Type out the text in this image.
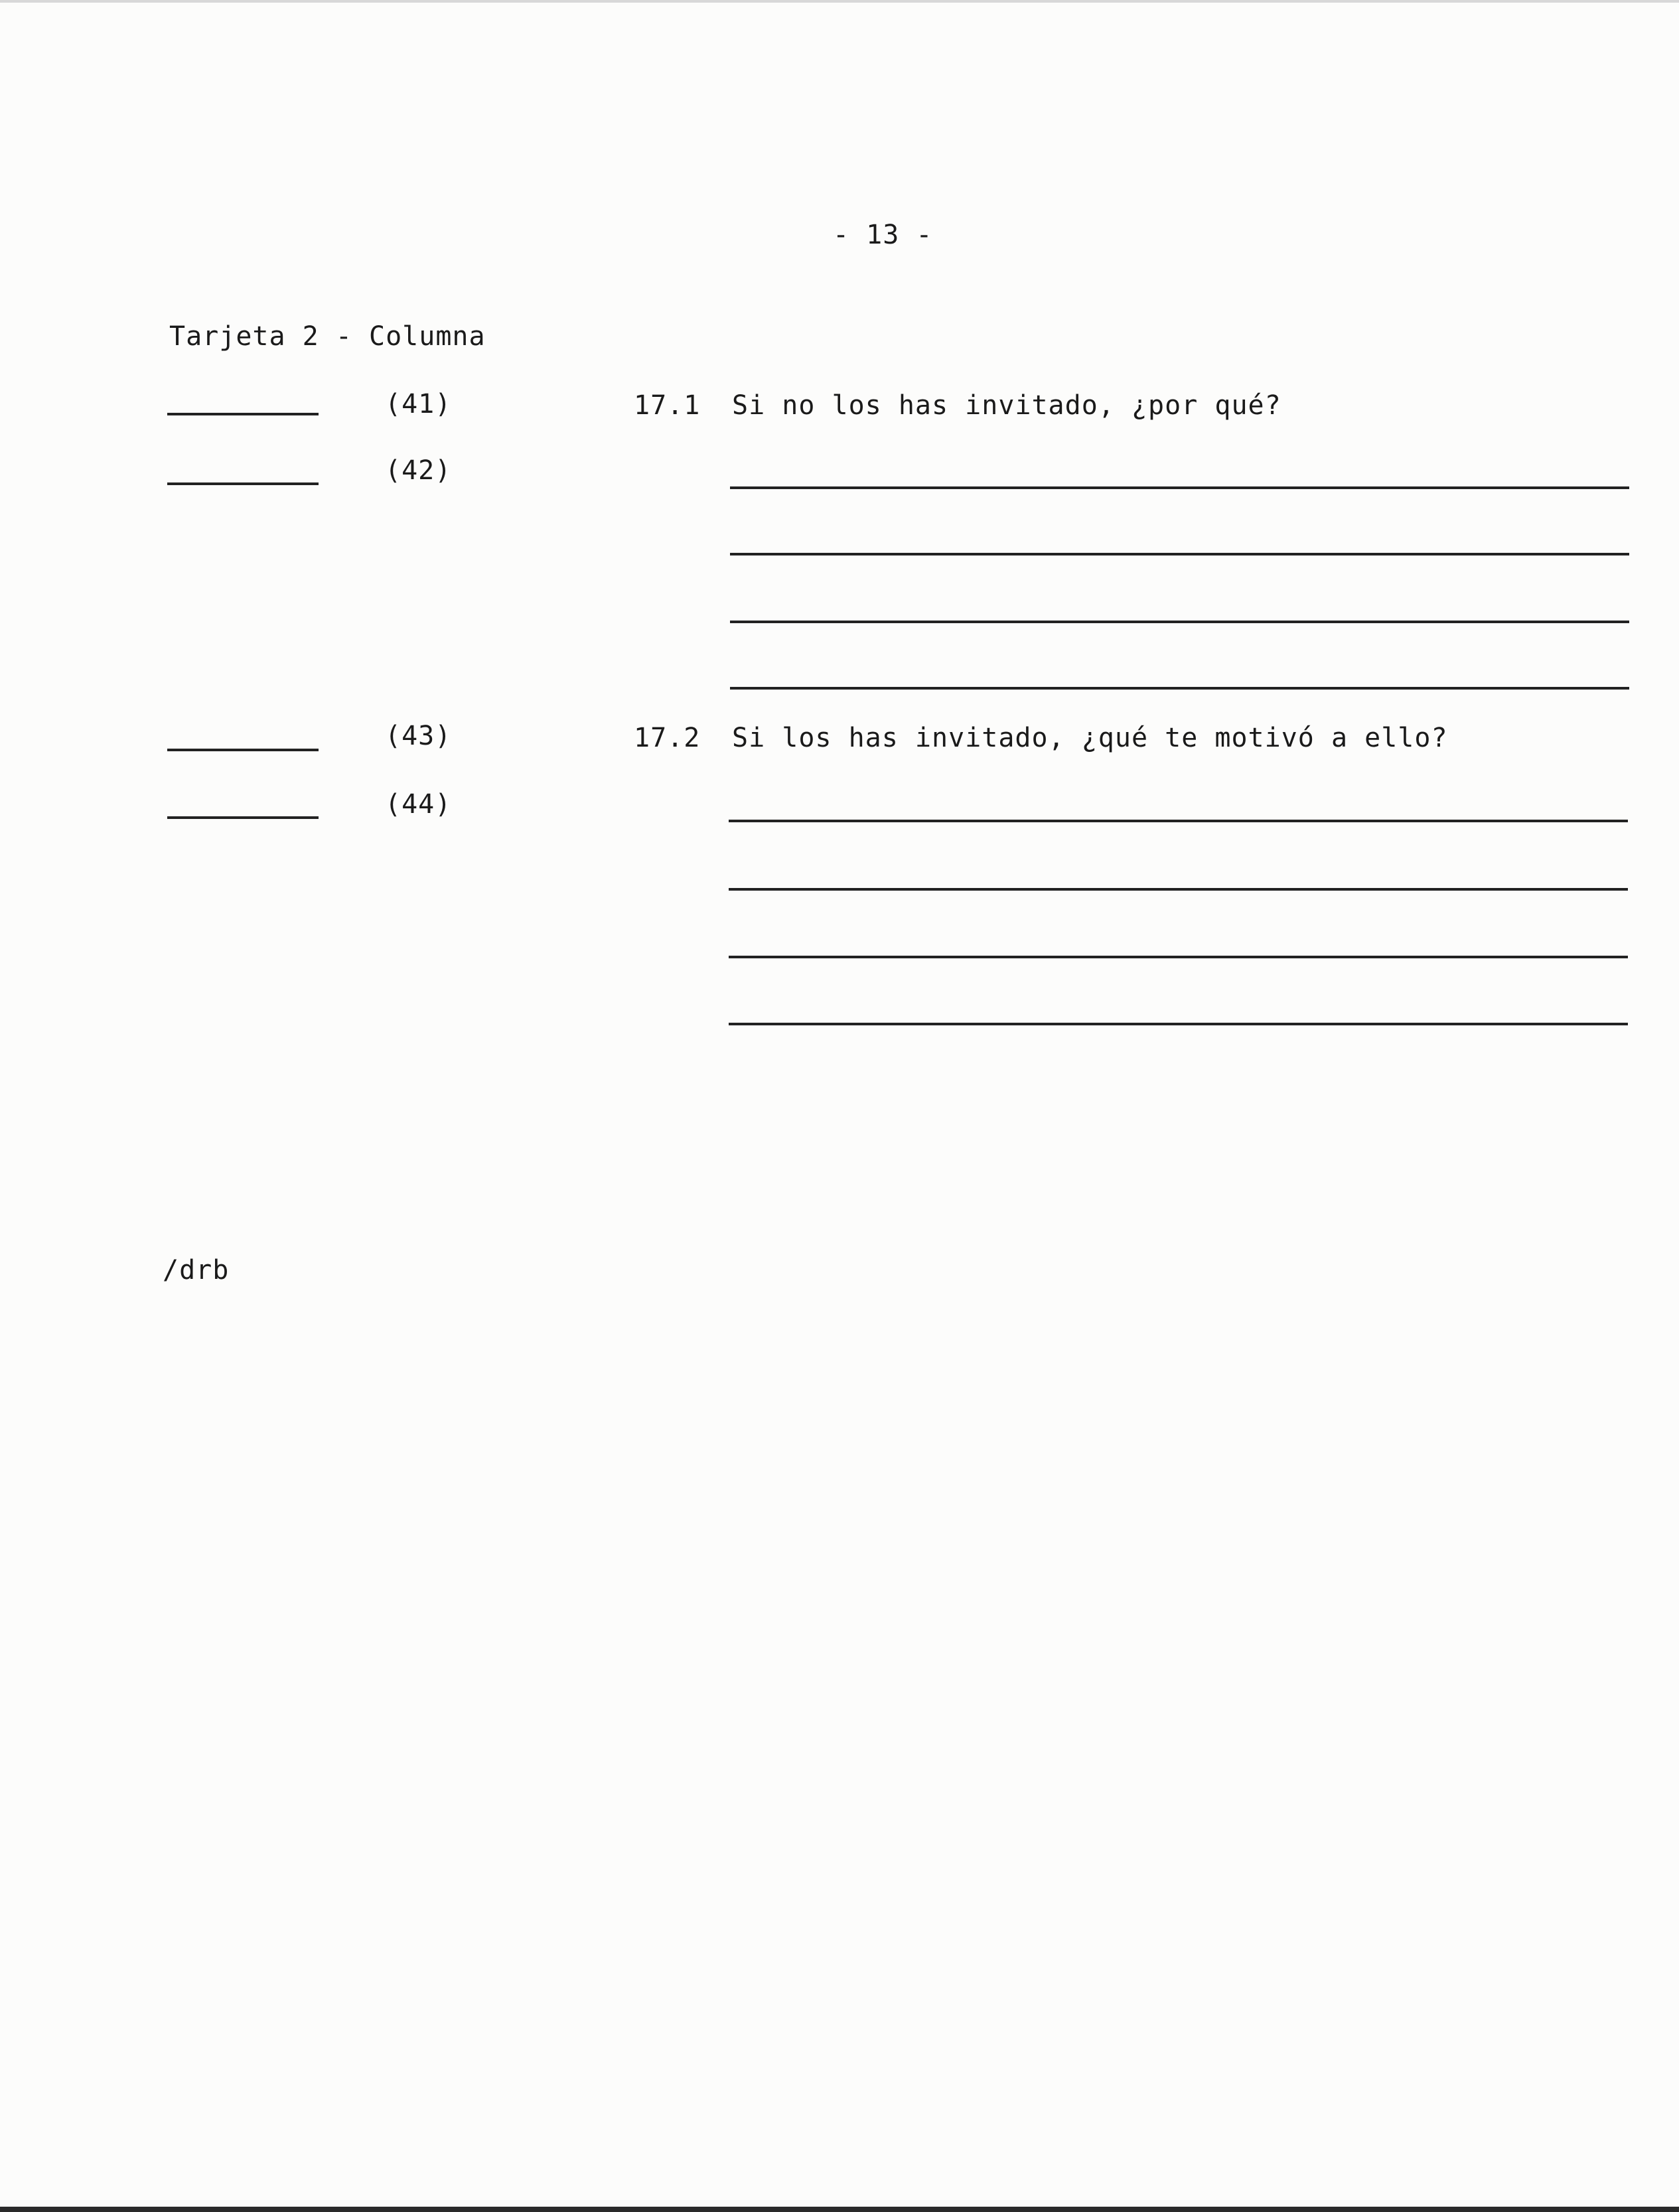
- 13 -
Tarjeta 2 - Columna
(41)
(42)
(43)
(44)
17.1 Si no los has invitado, ¿por qué?
17.2 Si los has invitado, ¿qué te motivó a ello?
/drb
